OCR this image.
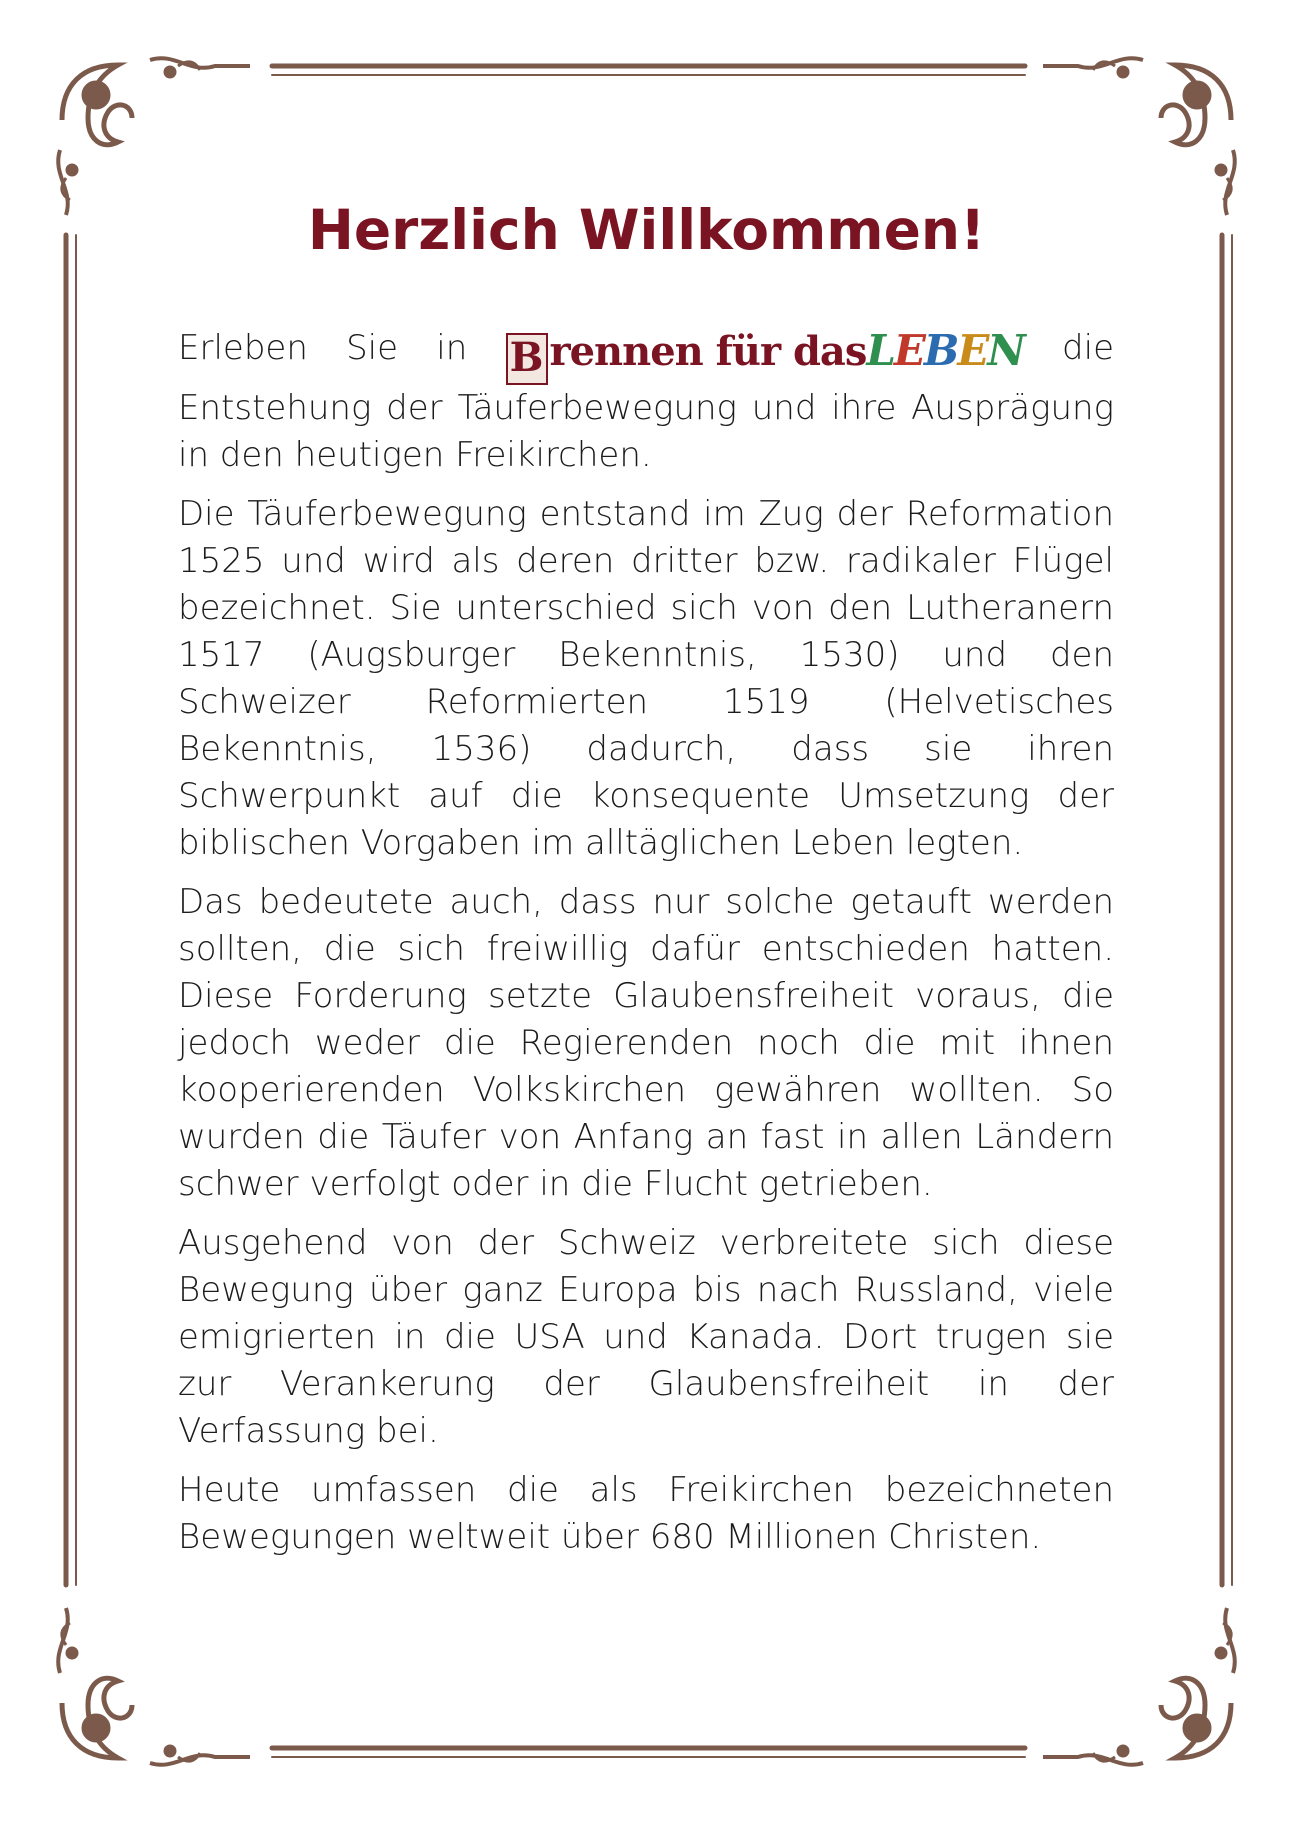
Herzlich Willkommen!

Erleben Sie in B rennen für dasLEBEN die Entstehung der Täuferbewegung und ihre Ausprägung in den heutigen Freikirchen.

Die Täuferbewegung entstand im Zug der Reformation 1525 und wird als deren dritter bzw. radikaler Flügel bezeichnet. Sie unterschied sich von den Lutheranern 1517 (Augsburger Bekenntnis, 1530) und den Schweizer Reformierten 1519 (Helvetisches Bekenntnis, 1536) dadurch, dass sie ihren Schwerpunkt auf die konsequente Umsetzung der biblischen Vorgaben im alltäglichen Leben legten.

Das bedeutete auch, dass nur solche getauft werden sollten, die sich freiwillig dafür entschieden hatten. Diese Forderung setzte Glaubensfreiheit voraus, die jedoch weder die Regierenden noch die mit ihnen kooperierenden Volkskirchen gewähren wollten. So wurden die Täufer von Anfang an fast in allen Ländern schwer verfolgt oder in die Flucht getrieben.

Ausgehend von der Schweiz verbreitete sich diese Bewegung über ganz Europa bis nach Russland, viele emigrierten in die USA und Kanada. Dort trugen sie zur Verankerung der Glaubensfreiheit in der Verfassung bei.

Heute umfassen die als Freikirchen bezeichneten Bewegungen weltweit über 680 Millionen Christen.
